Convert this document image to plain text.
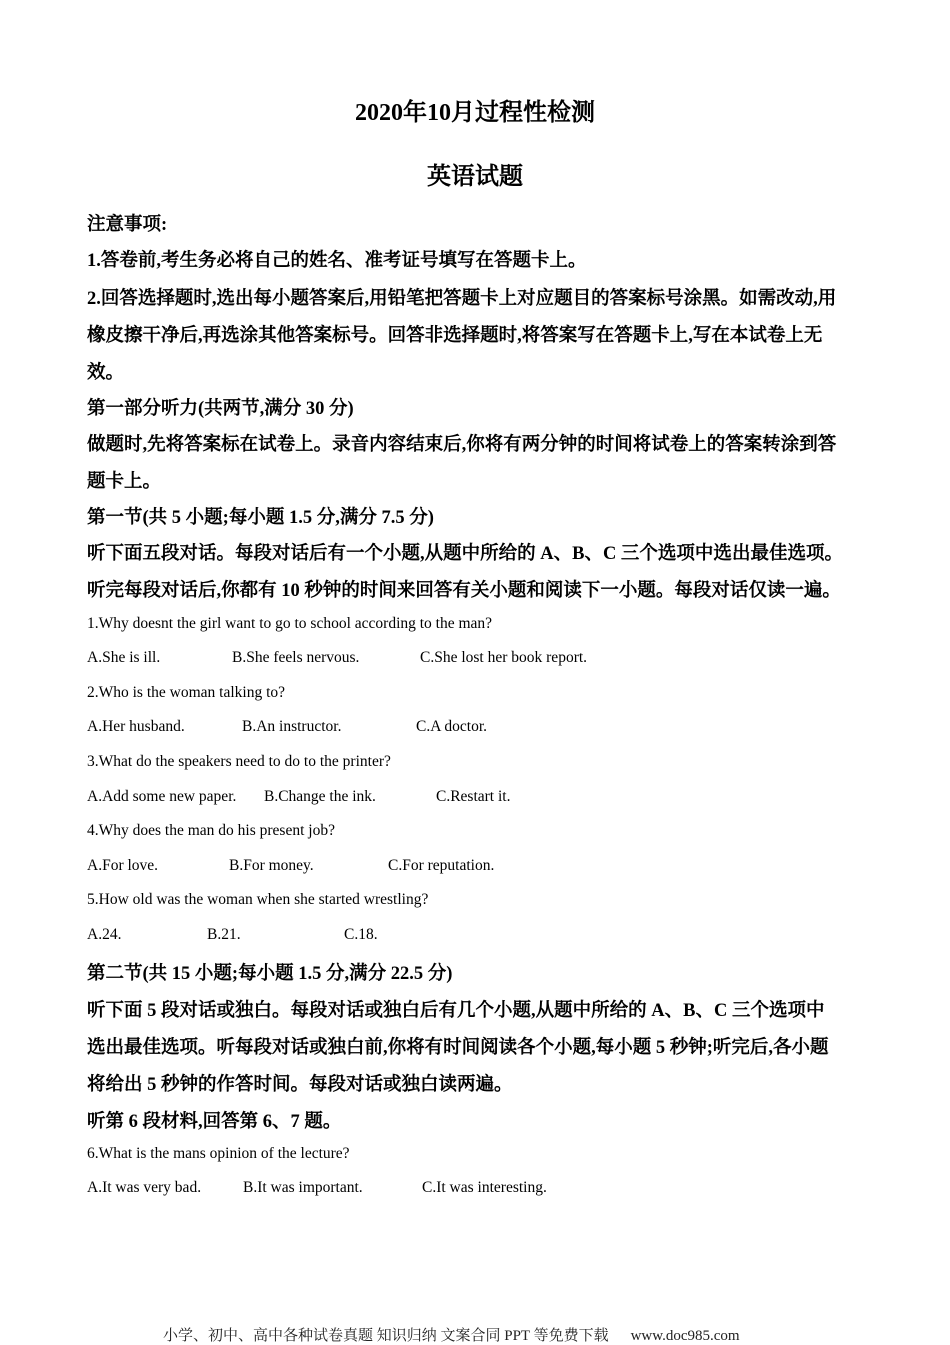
2020年10月过程性检测
英语试题
注意事项:
1.答卷前,考生务必将自己的姓名、准考证号填写在答题卡上。
2.回答选择题时,选出每小题答案后,用铅笔把答题卡上对应题目的答案标号涂黑。如需改动,用
橡皮擦干净后,再选涂其他答案标号。回答非选择题时,将答案写在答题卡上,写在本试卷上无
效。
第一部分听力(共两节,满分 30 分)
做题时,先将答案标在试卷上。录音内容结束后,你将有两分钟的时间将试卷上的答案转涂到答
题卡上。
第一节(共 5 小题;每小题 1.5 分,满分 7.5 分)
听下面五段对话。每段对话后有一个小题,从题中所给的 A、B、C 三个选项中选出最佳选项。
听完每段对话后,你都有 10 秒钟的时间来回答有关小题和阅读下一小题。每段对话仅读一遍。
1.Why doesnt the girl want to go to school according to the man?
A.She is ill.	B.She feels nervous.	C.She lost her book report.
2.Who is the woman talking to?
A.Her husband.	B.An instructor.	C.A doctor.
3.What do the speakers need to do to the printer?
A.Add some new paper. B.Change the ink.	C.Restart it.
4.Why does the man do his present job?
A.For love.	B.For money.	C.For reputation.
5.How old was the woman when she started wrestling?
A.24.	B.21.	C.18.
第二节(共 15 小题;每小题 1.5 分,满分 22.5 分)
听下面 5 段对话或独白。每段对话或独白后有几个小题,从题中所给的 A、B、C 三个选项中
选出最佳选项。听每段对话或独白前,你将有时间阅读各个小题,每小题 5 秒钟;听完后,各小题
将给出 5 秒钟的作答时间。每段对话或独白读两遍。
听第 6 段材料,回答第 6、7 题。
6.What is the mans opinion of the lecture?
A.It was very bad.	B.It was important.	C.It was interesting.
小学、初中、高中各种试卷真题 知识归纳 文案合同 PPT 等免费下载 www.doc985.com
